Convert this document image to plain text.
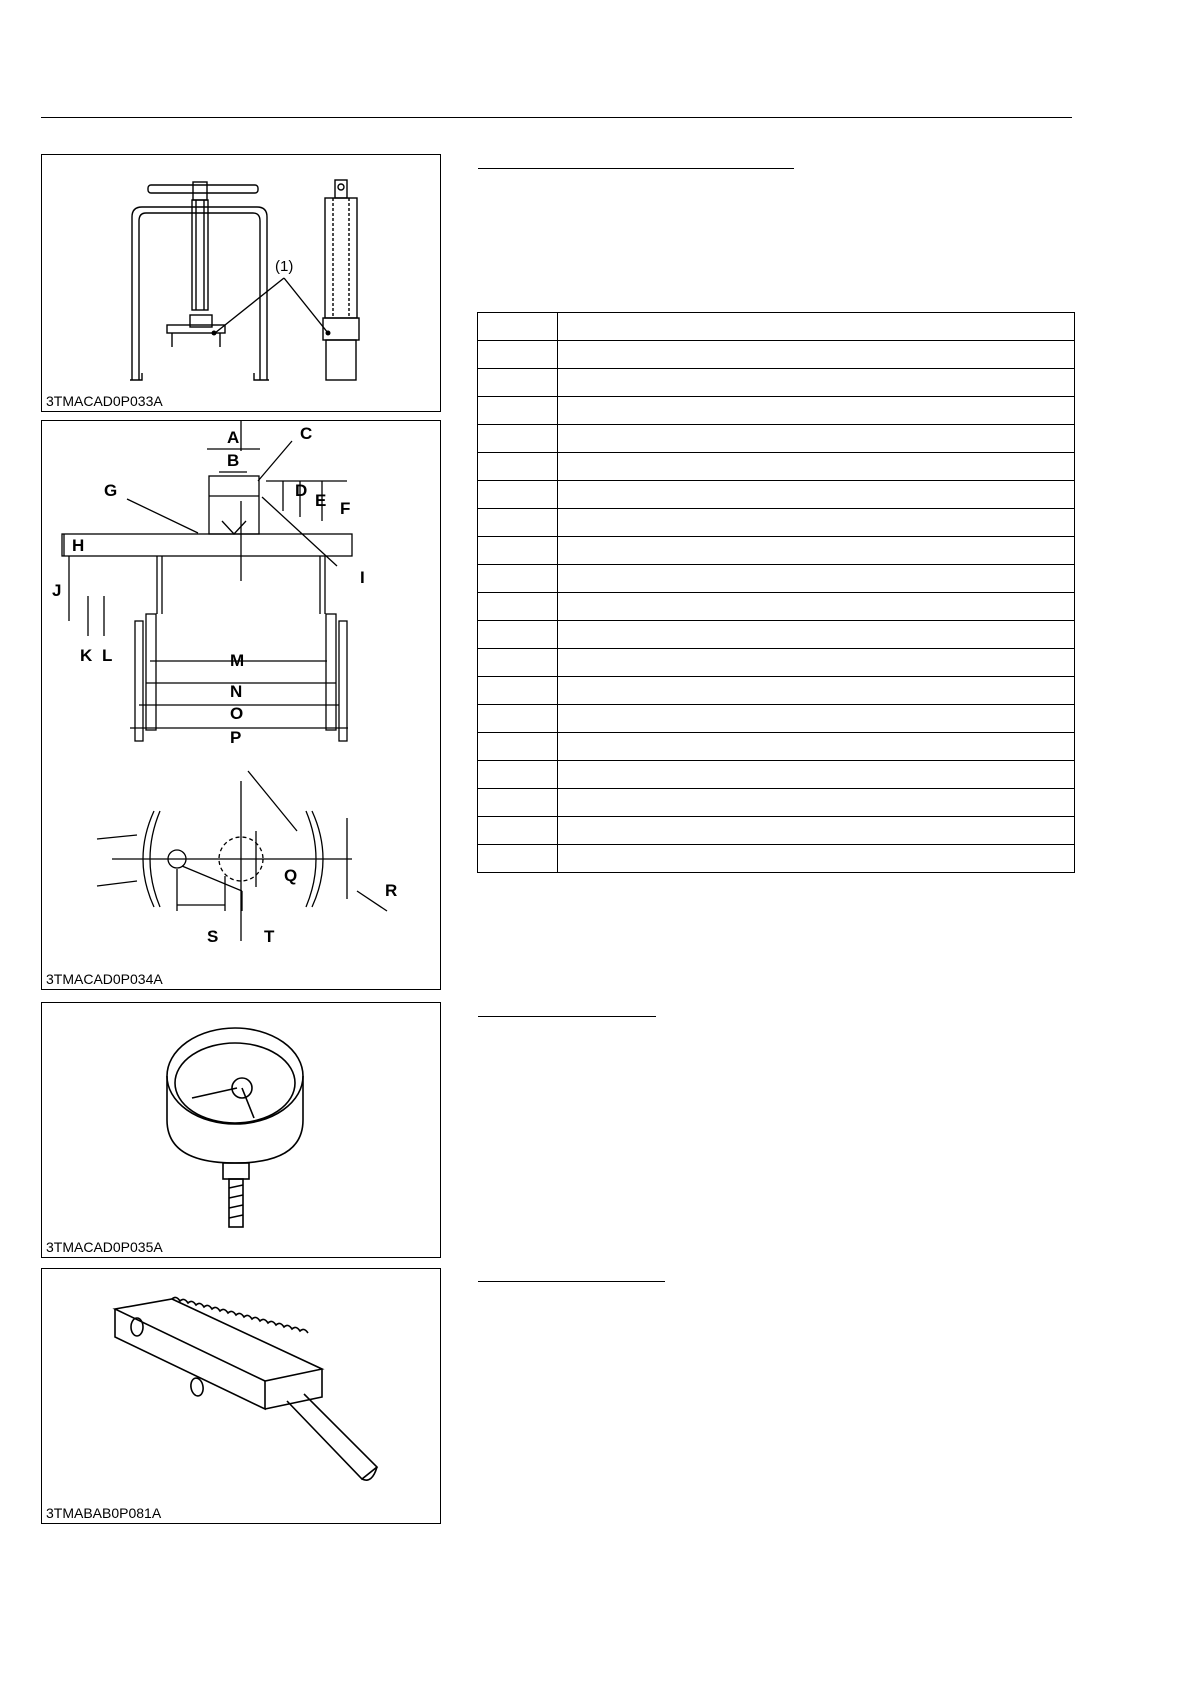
(1)
3TMACAD0P033A
A
B
C
D
E F
G
H
I
J
K L	M
N
O
P
Q
R
S	T
3TMACAD0P034A
3TMACAD0P035A
3TMABAB0P081A
